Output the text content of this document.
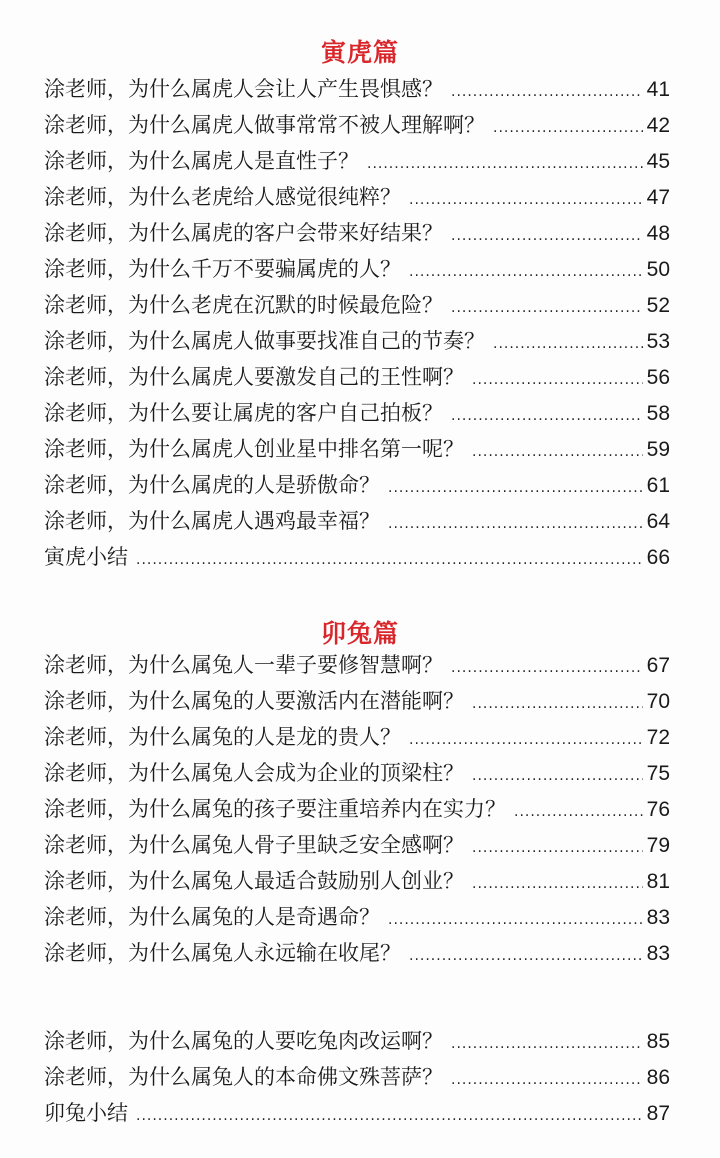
寅虎篇
涂老师，为什么属虎人会让人产生畏惧感？ .....	41
涂老师，为什么属虎人做事常常不被人理解啊？ .....	42
涂老师，为什么属虎人是直性子？ .....	45
涂老师，为什么老虎给人感觉很纯粹？ .....	47
涂老师，为什么属虎的客户会带来好结果？ .....	48
涂老师，为什么千万不要骗属虎的人？ .....	50
涂老师，为什么老虎在沉默的时候最危险？ .....	52
涂老师，为什么属虎人做事要找准自己的节奏？ .....	53
涂老师，为什么属虎人要激发自己的王性啊？ .....	56
涂老师，为什么要让属虎的客户自己拍板？ .....	58
涂老师，为什么属虎人创业星中排名第一呢？ .....	59
涂老师，为什么属虎的人是骄傲命？ .....	61
涂老师，为什么属虎人遇鸡最幸福？ .....	64
寅虎小结 .....	66
卯兔篇
涂老师，为什么属兔人一辈子要修智慧啊？ .....	67
涂老师，为什么属兔的人要激活内在潜能啊？ .....	70
涂老师，为什么属兔的人是龙的贵人？ .....	72
涂老师，为什么属兔人会成为企业的顶梁柱？ .....	75
涂老师，为什么属兔的孩子要注重培养内在实力？ .....	76
涂老师，为什么属兔人骨子里缺乏安全感啊？ .....	79
涂老师，为什么属兔人最适合鼓励别人创业？ .....	81
涂老师，为什么属兔的人是奇遇命？ .....	83
涂老师，为什么属兔人永远输在收尾？ .....	83
涂老师，为什么属兔的人要吃兔肉改运啊？ .....	85
涂老师，为什么属兔人的本命佛文殊菩萨？ .....	86
卯兔小结 .....	87
